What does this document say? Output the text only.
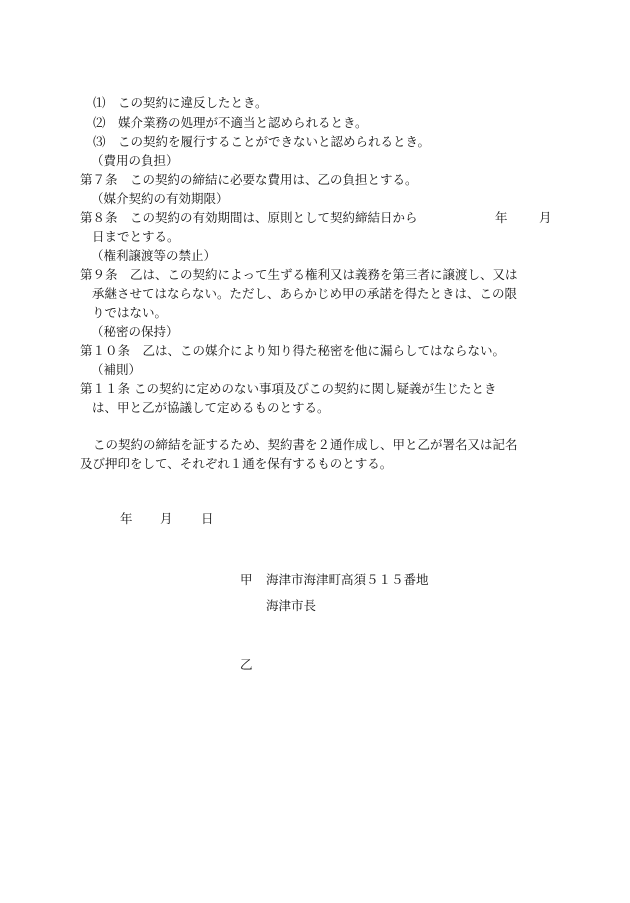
⑴ この契約に違反したとき。
⑵ 媒介業務の処理が不適当と認められるとき。
⑶ この契約を履行することができないと認められるとき。
（費用の負担）
第７条　この契約の締結に必要な費用は、乙の負担とする。
（媒介契約の有効期限）
第８条　この契約の有効期間は、原則として契約締結日から	年	月
日までとする。
（権利譲渡等の禁止）
第９条　乙は、この契約によって生ずる権利又は義務を第三者に譲渡し、又は
承継させてはならない。ただし、あらかじめ甲の承諾を得たときは、この限
りではない。
（秘密の保持）
第１０条　乙は、この媒介により知り得た秘密を他に漏らしてはならない。
（補則）
第１１条 この契約に定めのない事項及びこの契約に関し疑義が生じたとき
は、甲と乙が協議して定めるものとする。
この契約の締結を証するため、契約書を２通作成し、甲と乙が署名又は記名
及び押印をして、それぞれ１通を保有するものとする。
年 月 日
甲 海津市海津町高須５１５番地
海津市長
乙
